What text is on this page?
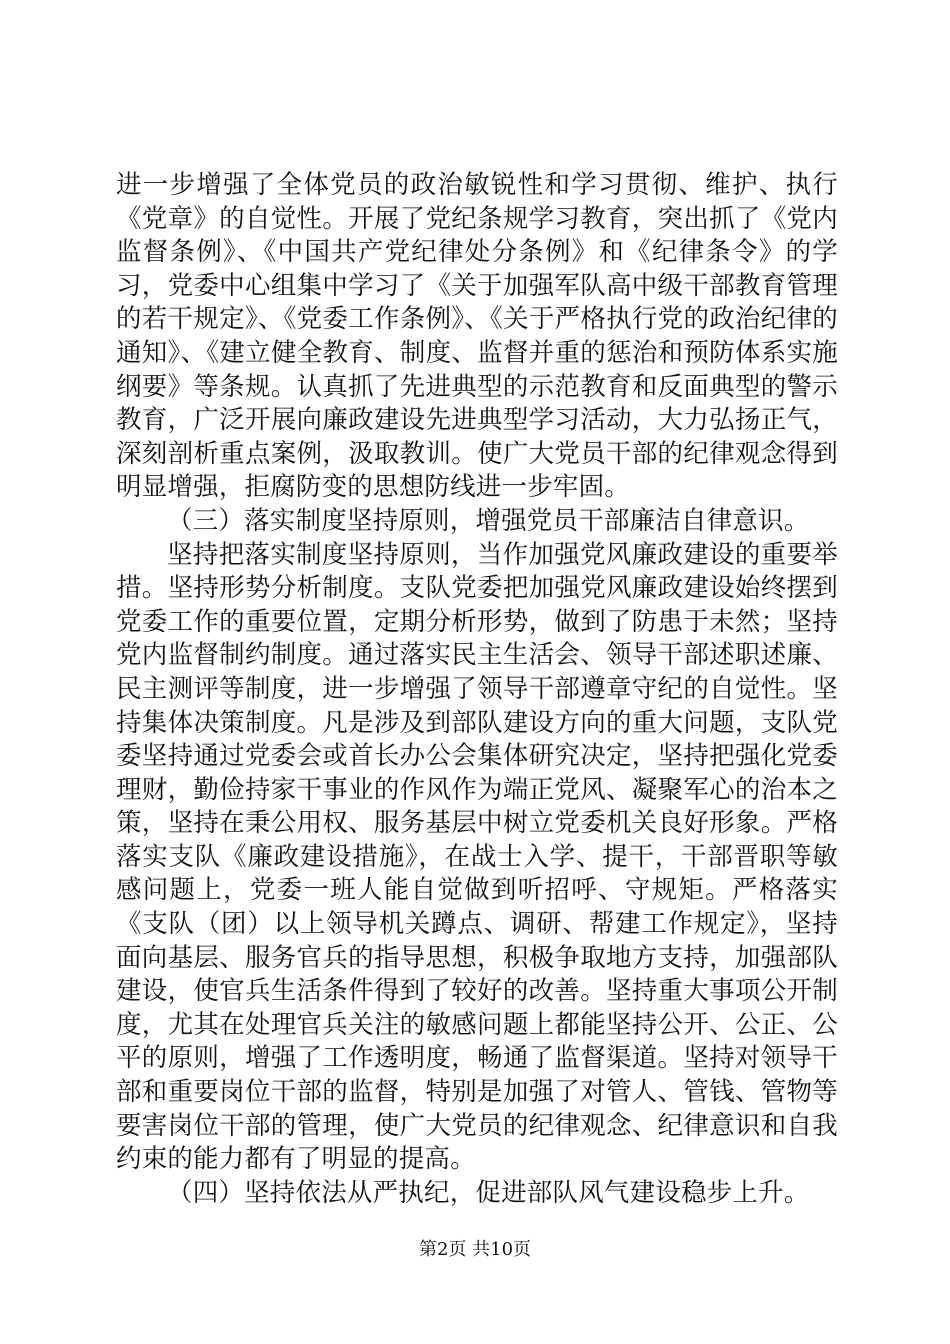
进一步增强了全体党员的政治敏锐性和学习贯彻、维护、执行《党章》的自觉性。开展了党纪条规学习教育，突出抓了《党内监督条例》、《中国共产党纪律处分条例》和《纪律条令》的学习，党委中心组集中学习了《关于加强军队高中级干部教育管理的若干规定》、《党委工作条例》、《关于严格执行党的政治纪律的通知》、《建立健全教育、制度、监督并重的惩治和预防体系实施纲要》等条规。认真抓了先进典型的示范教育和反面典型的警示教育，广泛开展向廉政建设先进典型学习活动，大力弘扬正气，深刻剖析重点案例，汲取教训。使广大党员干部的纪律观念得到明显增强，拒腐防变的思想防线进一步牢固。

（三）落实制度坚持原则，增强党员干部廉洁自律意识。

坚持把落实制度坚持原则，当作加强党风廉政建设的重要举措。坚持形势分析制度。支队党委把加强党风廉政建设始终摆到党委工作的重要位置，定期分析形势，做到了防患于未然；坚持党内监督制约制度。通过落实民主生活会、领导干部述职述廉、民主测评等制度，进一步增强了领导干部遵章守纪的自觉性。坚持集体决策制度。凡是涉及到部队建设方向的重大问题，支队党委坚持通过党委会或首长办公会集体研究决定，坚持把强化党委理财，勤俭持家干事业的作风作为端正党风、凝聚军心的治本之策，坚持在秉公用权、服务基层中树立党委机关良好形象。严格落实支队《廉政建设措施》，在战士入学、提干，干部晋职等敏感问题上，党委一班人能自觉做到听招呼、守规矩。严格落实《支队（团）以上领导机关蹲点、调研、帮建工作规定》，坚持面向基层、服务官兵的指导思想，积极争取地方支持，加强部队建设，使官兵生活条件得到了较好的改善。坚持重大事项公开制度，尤其在处理官兵关注的敏感问题上都能坚持公开、公正、公平的原则，增强了工作透明度，畅通了监督渠道。坚持对领导干部和重要岗位干部的监督，特别是加强了对管人、管钱、管物等要害岗位干部的管理，使广大党员的纪律观念、纪律意识和自我约束的能力都有了明显的提高。

（四）坚持依法从严执纪，促进部队风气建设稳步上升。

第2页 共10页
